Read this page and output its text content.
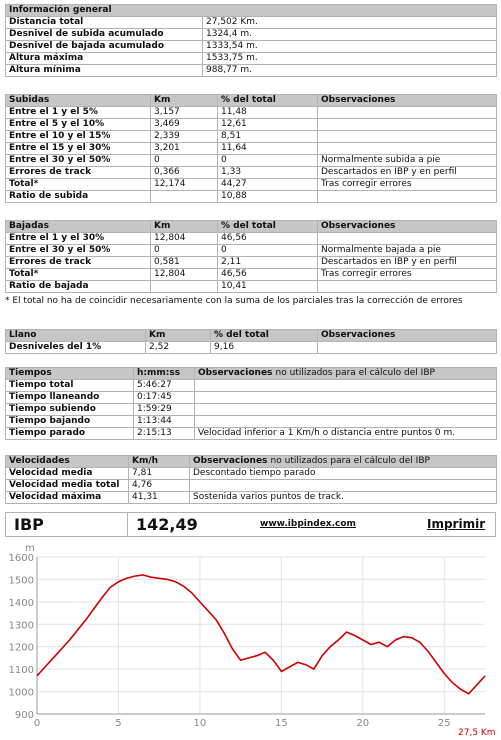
Información general	
Distancia total	27,502 Km.
Desnivel de subida acumulado	1324,4 m.
Desnivel de bajada acumulado	1333,54 m.
Altura máxima	1533,75 m.
Altura mínima	988,77 m.
Subidas	Km	% del total	Observaciones
Entre el 1 y el 5%	3,157	11,48	
Entre el 5 y el 10%	3,469	12,61	
Entre el 10 y el 15%	2,339	8,51	
Entre el 15 y el 30%	3,201	11,64	
Entre el 30 y el 50%	0	0	Normalmente subida a pie
Errores de track	0,366	1,33	Descartados en IBP y en perfil
Total*	12,174	44,27	Tras corregir errores
Ratio de subida		10,88	
Bajadas	Km	% del total	Observaciones
Entre el 1 y el 30%	12,804	46,56	
Entre el 30 y el 50%	0	0	Normalmente bajada a pie
Errores de track	0,581	2,11	Descartados en IBP y en perfil
Total*	12,804	46,56	Tras corregir errores
Ratio de bajada		10,41	
* El total no ha de coincidir necesariamente con la suma de los parciales tras la corrección de errores
Llano	Km	% del total	Observaciones
Desniveles del 1%	2,52	9,16	
Tiempos	h:mm:ss	Observaciones no utilizados para el cálculo del IBP
Tiempo total	5:46:27	
Tiempo llaneando	0:17:45	
Tiempo subiendo	1:59:29	
Tiempo bajando	1:13:44	
Tiempo parado	2:15:13	Velocidad inferior a 1 Km/h o distancia entre puntos 0 m.
Velocidades	Km/h	Observaciones no utilizados para el cálculo del IBP
Velocidad media	7,81	Descontado tiempo parado
Velocidad media total	4,76	
Velocidad máxima	41,31	Sostenida varios puntos de track.
IBP	142,49	www.ibpindex.com	Imprimir
900
1000
1100
1200
1300
1400
1500
1600
0	5	10	15	20	25
m
27,5 Km
